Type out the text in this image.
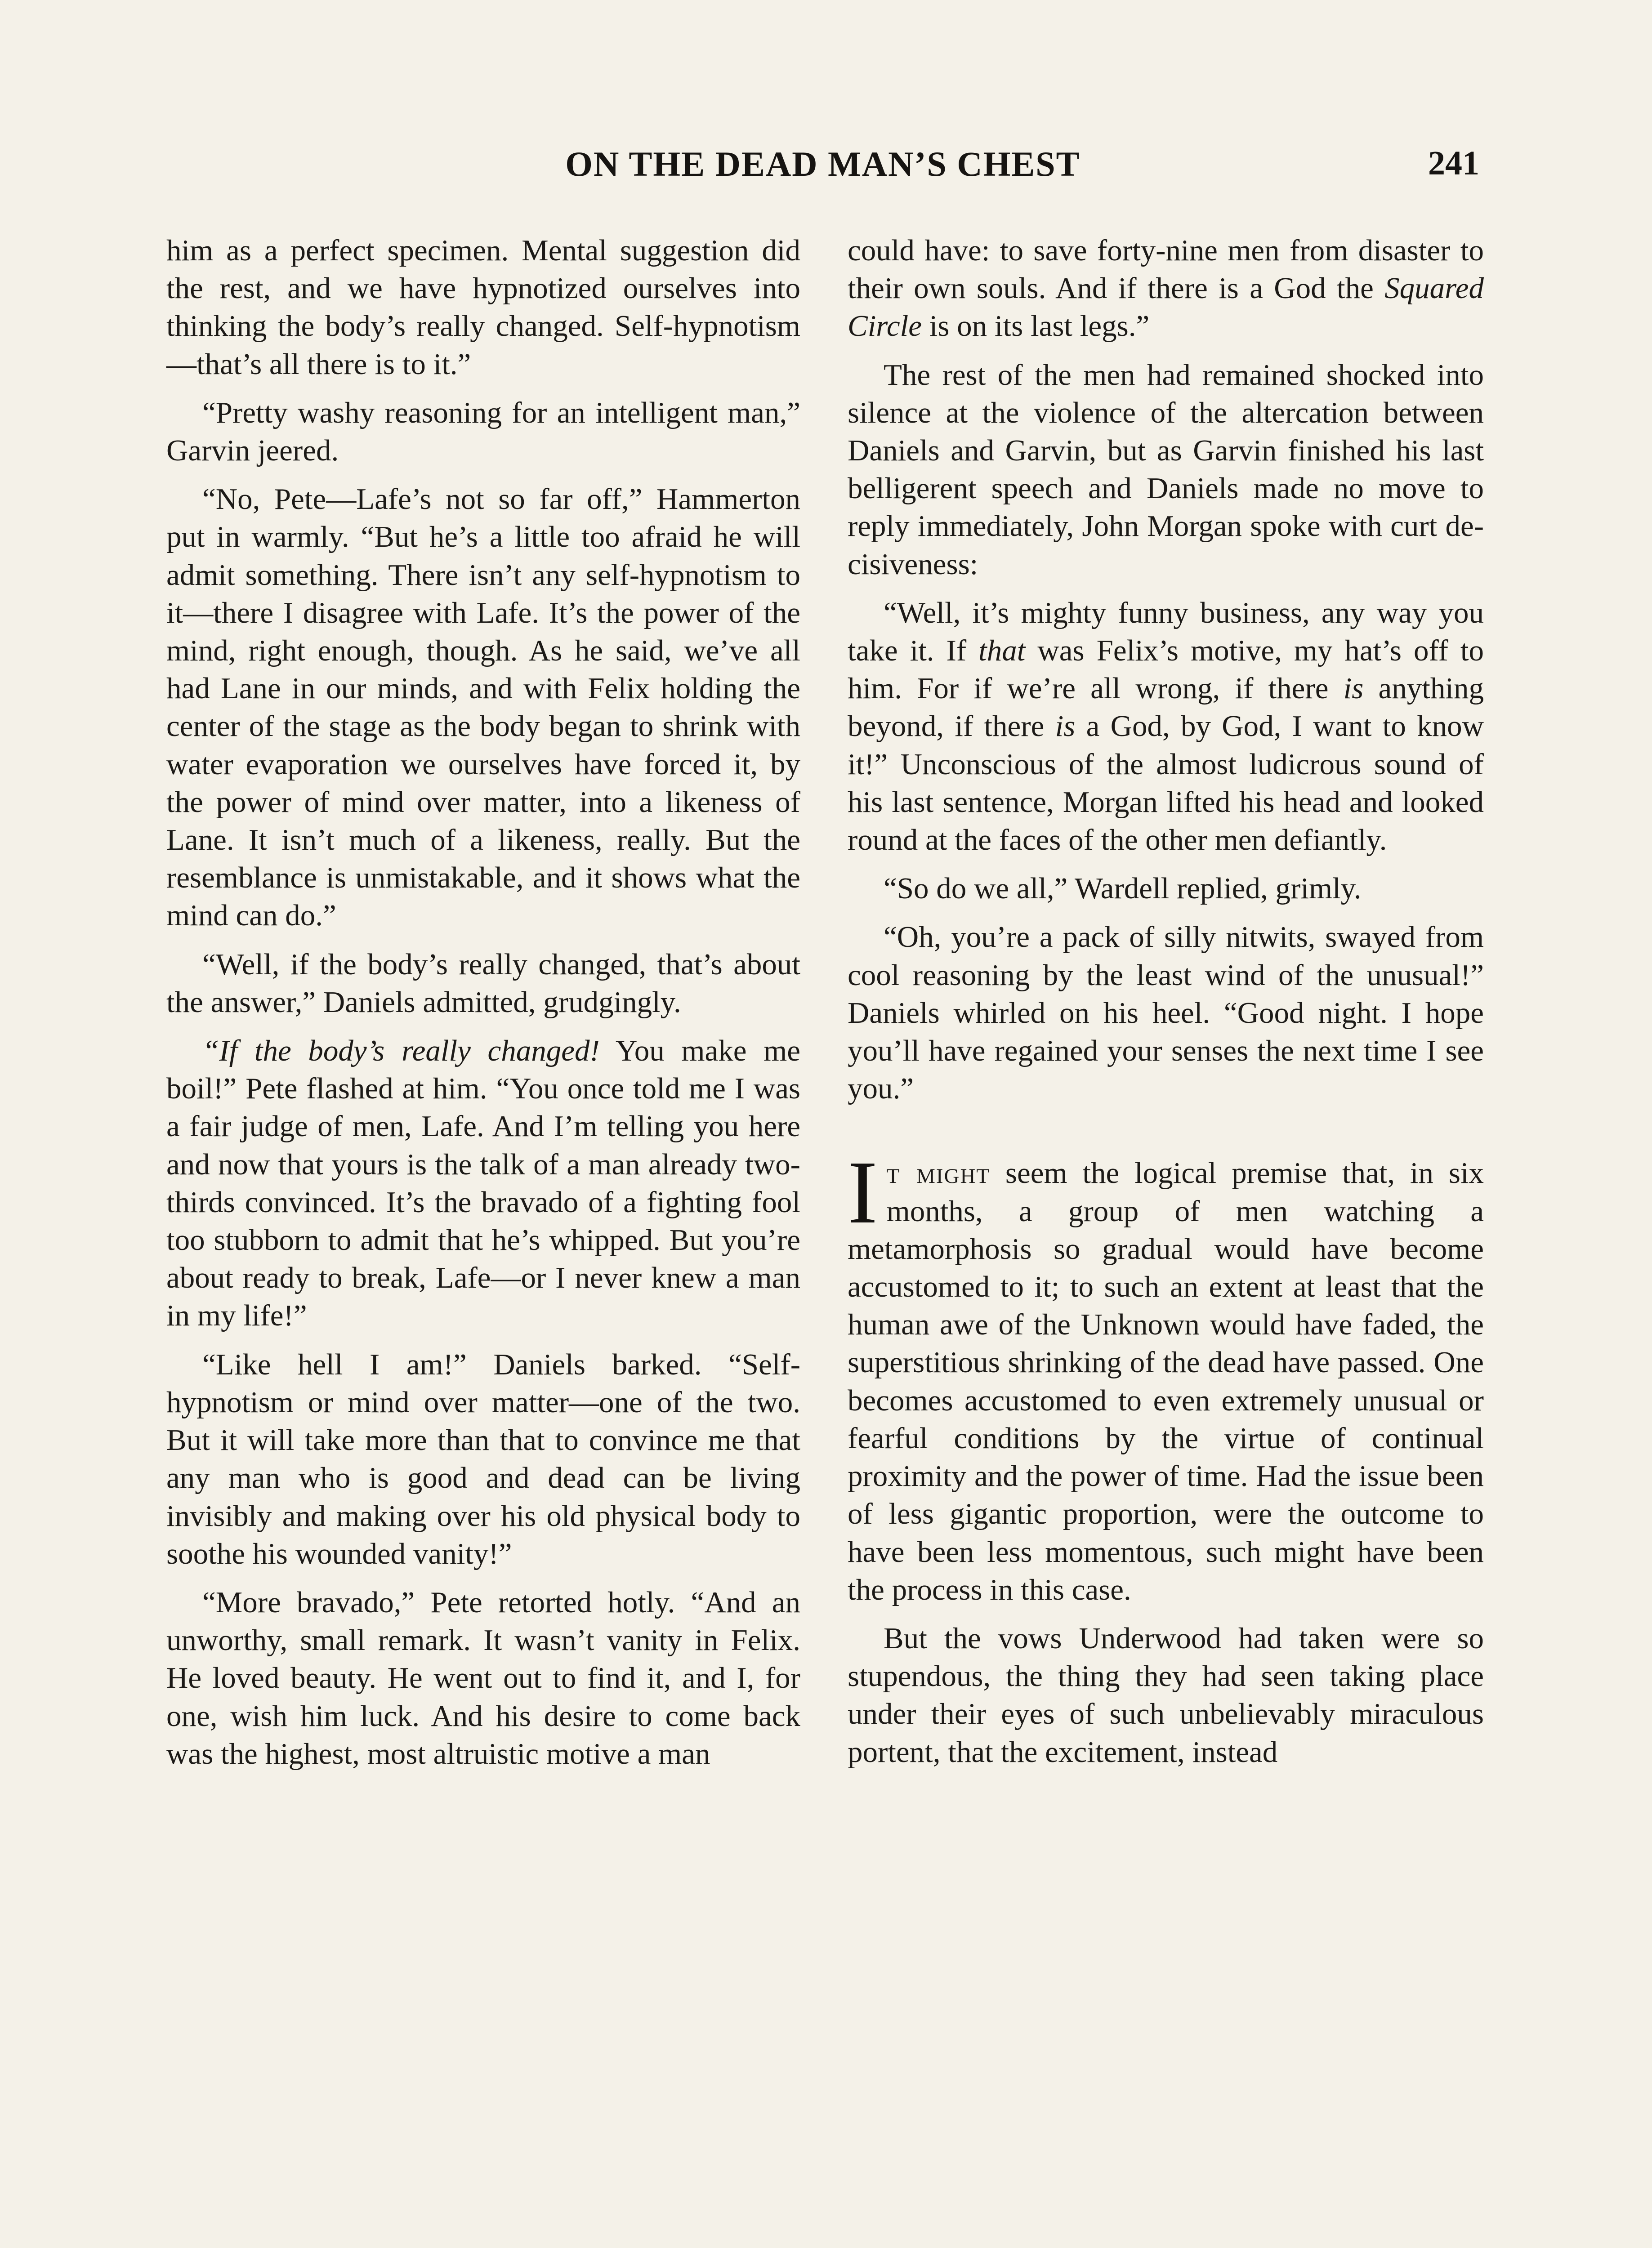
ON THE DEAD MAN’S CHEST	241

him as a perfect specimen. Mental suggestion did the rest, and we have hypnotized ourselves into thinking the body’s really changed. Self-hypnotism—that’s all there is to it.”

“Pretty washy reasoning for an intelligent man,” Garvin jeered.

“No, Pete—Lafe’s not so far off,” Hammerton put in warmly. “But he’s a little too afraid he will admit something. There isn’t any self-hypnotism to it—there I disagree with Lafe. It’s the power of the mind, right enough, though. As he said, we’ve all had Lane in our minds, and with Felix holding the center of the stage as the body began to shrink with water evaporation we ourselves have forced it, by the power of mind over matter, into a likeness of Lane. It isn’t much of a likeness, really. But the resemblance is unmistakable, and it shows what the mind can do.”

“Well, if the body’s really changed, that’s about the answer,” Daniels admitted, grudgingly.

“If the body’s really changed! You make me boil!” Pete flashed at him. “You once told me I was a fair judge of men, Lafe. And I’m telling you here and now that yours is the talk of a man already two-thirds convinced. It’s the bravado of a fighting fool too stubborn to admit that he’s whipped. But you’re about ready to break, Lafe—or I never knew a man in my life!”

“Like hell I am!” Daniels barked. “Self-hypnotism or mind over matter—one of the two. But it will take more than that to convince me that any man who is good and dead can be living invisibly and making over his old physical body to soothe his wounded vanity!”

“More bravado,” Pete retorted hotly. “And an unworthy, small remark. It wasn’t vanity in Felix. He loved beauty. He went out to find it, and I, for one, wish him luck. And his desire to come back was the highest, most altruistic motive a man

could have: to save forty-nine men from disaster to their own souls. And if there is a God the Squared Circle is on its last legs.”

The rest of the men had remained shocked into silence at the violence of the altercation between Daniels and Garvin, but as Garvin finished his last belligerent speech and Daniels made no move to reply immediately, John Morgan spoke with curt decisiveness:

“Well, it’s mighty funny business, any way you take it. If that was Felix’s motive, my hat’s off to him. For if we’re all wrong, if there is anything beyond, if there is a God, by God, I want to know it!” Unconscious of the almost ludicrous sound of his last sentence, Morgan lifted his head and looked round at the faces of the other men defiantly.

“So do we all,” Wardell replied, grimly.

“Oh, you’re a pack of silly nitwits, swayed from cool reasoning by the least wind of the unusual!” Daniels whirled on his heel. “Good night. I hope you’ll have regained your senses the next time I see you.”

It might seem the logical premise that, in six months, a group of men watching a metamorphosis so gradual would have become accustomed to it; to such an extent at least that the human awe of the Unknown would have faded, the superstitious shrinking of the dead have passed. One becomes accustomed to even extremely unusual or fearful conditions by the virtue of continual proximity and the power of time. Had the issue been of less gigantic proportion, were the outcome to have been less momentous, such might have been the process in this case.

But the vows Underwood had taken were so stupendous, the thing they had seen taking place under their eyes of such unbelievably miraculous portent, that the excitement, instead
